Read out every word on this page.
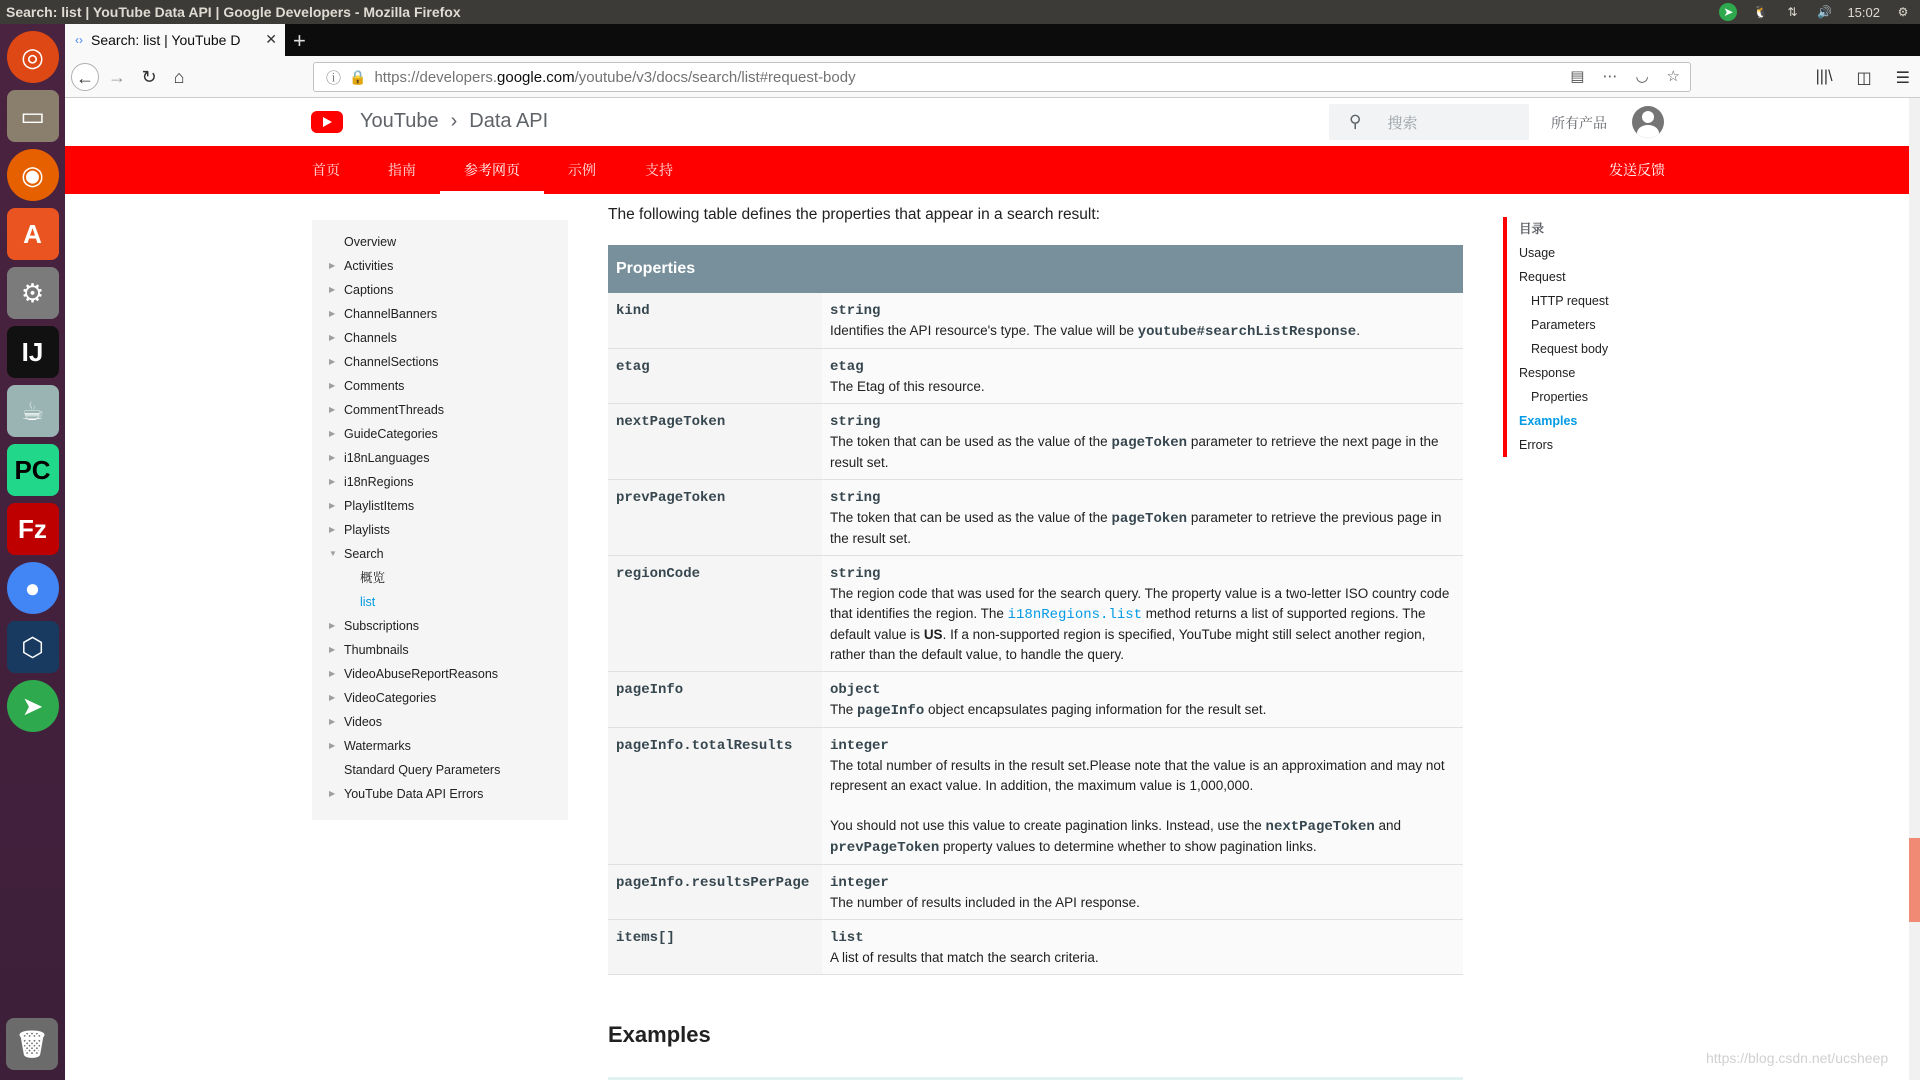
Search: list | YouTube Data API | Google Developers - Mozilla Firefox	➤	🐧	⇅	🔊 15:02	⚙
◎
▭
◉
A
⚙
IJ
☕
PC
Fz
●
⬡
➤
🗑
‹› Search: list | YouTube D ✕ +
← → ↻ ⌂	ⓘ 🔒 https://developers.google.com/youtube/v3/docs/search/list#request-body	▤ ⋯ ◡ ☆	|||\ ◫ ☰
YouTube › Data API	⚲ 搜索	所有产品
首页	指南	参考网页	示例	支持	发送反馈
Overview
▶ Activities
▶ Captions
▶ ChannelBanners
▶ Channels
▶ ChannelSections
▶ Comments
▶ CommentThreads
▶ GuideCategories
▶ i18nLanguages
▶ i18nRegions
▶ PlaylistItems
▶ Playlists
▼ Search
概览
list
▶ Subscriptions
▶ Thumbnails
▶ VideoAbuseReportReasons
▶ VideoCategories
▶ Videos
▶ Watermarks
Standard Query Parameters
▶ YouTube Data API Errors
The following table defines the properties that appear in a search result:
Properties	
kind	string
Identifies the API resource's type. The value will be youtube#searchListResponse.
etag	etag
The Etag of this resource.
nextPageToken	string
The token that can be used as the value of the pageToken parameter to retrieve the next page in the result set.
prevPageToken	string
The token that can be used as the value of the pageToken parameter to retrieve the previous page in the result set.
regionCode	string
The region code that was used for the search query. The property value is a two-letter ISO country code that identifies the region. The i18nRegions.list method returns a list of supported regions. The default value is US. If a non-supported region is specified, YouTube might still select another region, rather than the default value, to handle the query.
pageInfo	object
The pageInfo object encapsulates paging information for the result set.
pageInfo.totalResults	integer

The total number of results in the result set.Please note that the value is an approximation and may not represent an exact value. In addition, the maximum value is 1,000,000.

You should not use this value to create pagination links. Instead, use the nextPageToken and prevPageToken property values to determine whether to show pagination links.

pageInfo.resultsPerPage	integer
The number of results included in the API response.
items[]	list
A list of results that match the search criteria.
Examples
目录
Usage
Request
HTTP request
Parameters
Request body
Response
Properties
Examples
Errors
https://blog.csdn.net/ucsheep
